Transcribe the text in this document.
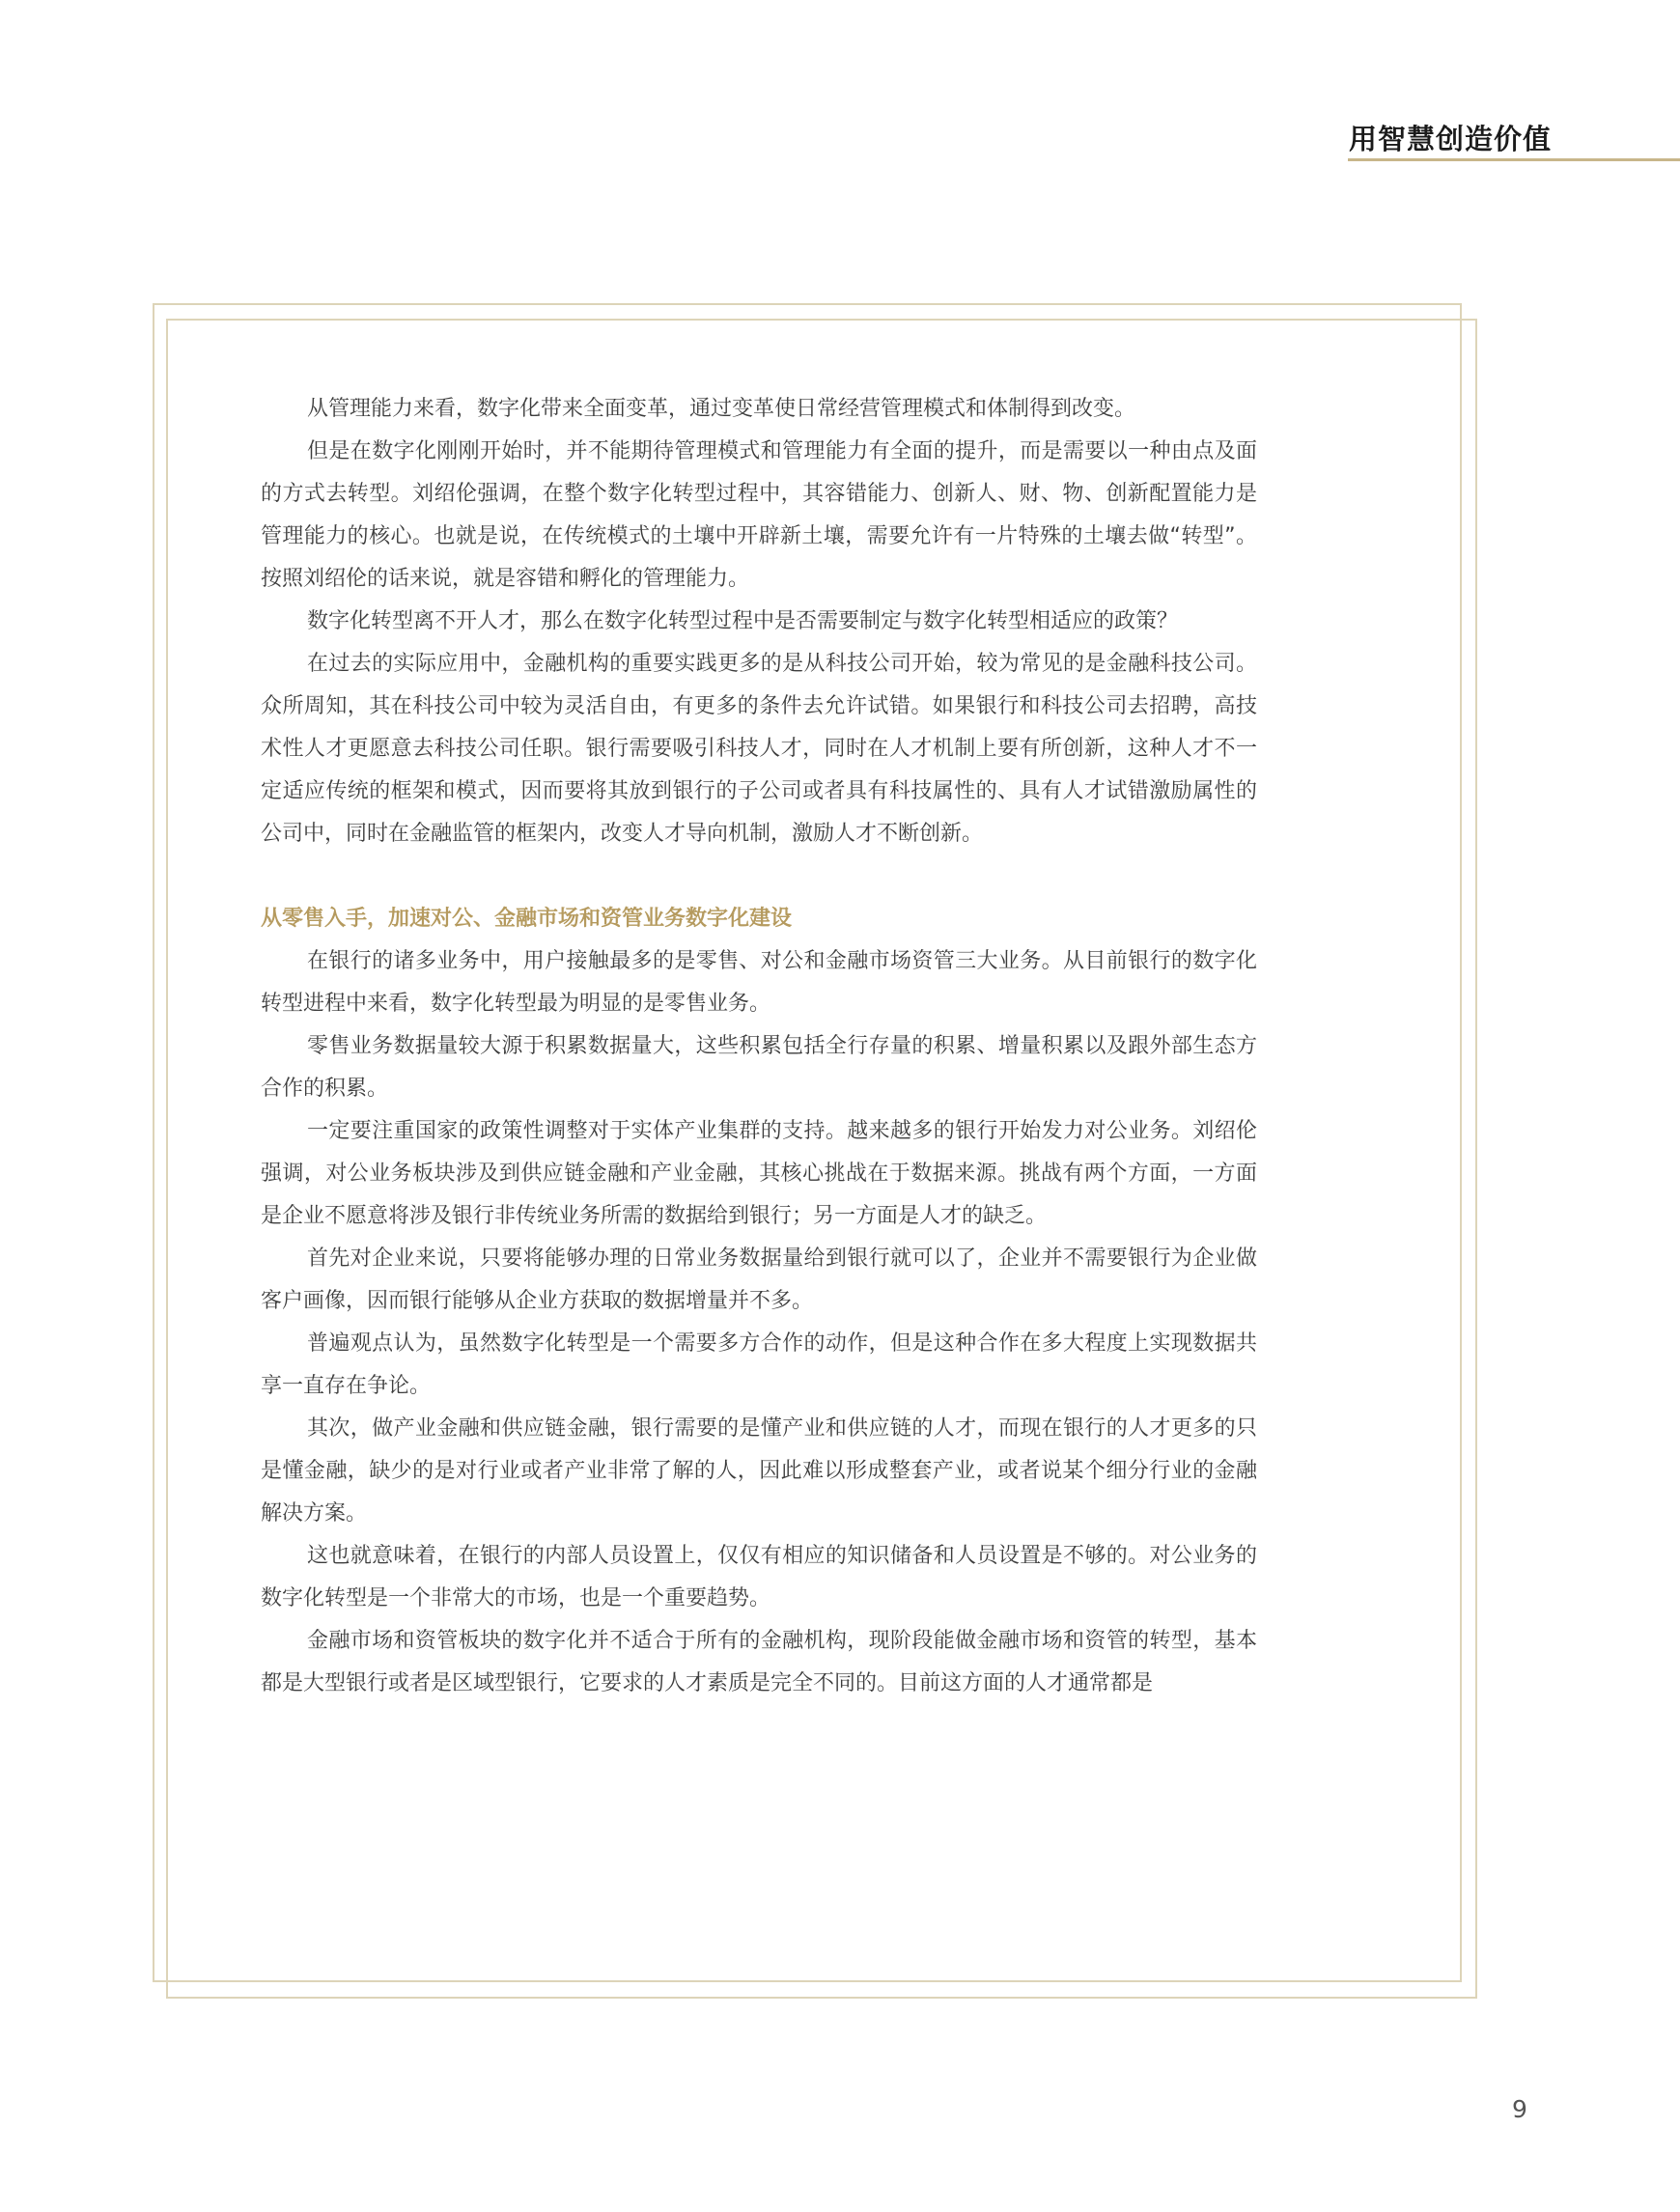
用智慧创造价值

从管理能力来看，数字化带来全面变革，通过变革使日常经营管理模式和体制得到改变。

但是在数字化刚刚开始时，并不能期待管理模式和管理能力有全面的提升，而是需要以一种由点及面的方式去转型。刘绍伦强调，在整个数字化转型过程中，其容错能力、创新人、财、物、创新配置能力是管理能力的核心。也就是说，在传统模式的土壤中开辟新土壤，需要允许有一片特殊的土壤去做“转型”。按照刘绍伦的话来说，就是容错和孵化的管理能力。

数字化转型离不开人才，那么在数字化转型过程中是否需要制定与数字化转型相适应的政策？

在过去的实际应用中，金融机构的重要实践更多的是从科技公司开始，较为常见的是金融科技公司。众所周知，其在科技公司中较为灵活自由，有更多的条件去允许试错。如果银行和科技公司去招聘，高技术性人才更愿意去科技公司任职。银行需要吸引科技人才，同时在人才机制上要有所创新，这种人才不一定适应传统的框架和模式，因而要将其放到银行的子公司或者具有科技属性的、具有人才试错激励属性的公司中，同时在金融监管的框架内，改变人才导向机制，激励人才不断创新。

从零售入手，加速对公、金融市场和资管业务数字化建设

在银行的诸多业务中，用户接触最多的是零售、对公和金融市场资管三大业务。从目前银行的数字化转型进程中来看，数字化转型最为明显的是零售业务。

零售业务数据量较大源于积累数据量大，这些积累包括全行存量的积累、增量积累以及跟外部生态方合作的积累。

一定要注重国家的政策性调整对于实体产业集群的支持。越来越多的银行开始发力对公业务。刘绍伦强调，对公业务板块涉及到供应链金融和产业金融，其核心挑战在于数据来源。挑战有两个方面，一方面是企业不愿意将涉及银行非传统业务所需的数据给到银行；另一方面是人才的缺乏。

首先对企业来说，只要将能够办理的日常业务数据量给到银行就可以了，企业并不需要银行为企业做客户画像，因而银行能够从企业方获取的数据增量并不多。

普遍观点认为，虽然数字化转型是一个需要多方合作的动作，但是这种合作在多大程度上实现数据共享一直存在争论。

其次，做产业金融和供应链金融，银行需要的是懂产业和供应链的人才，而现在银行的人才更多的只是懂金融，缺少的是对行业或者产业非常了解的人，因此难以形成整套产业，或者说某个细分行业的金融解决方案。

这也就意味着，在银行的内部人员设置上，仅仅有相应的知识储备和人员设置是不够的。对公业务的数字化转型是一个非常大的市场，也是一个重要趋势。

金融市场和资管板块的数字化并不适合于所有的金融机构，现阶段能做金融市场和资管的转型，基本都是大型银行或者是区域型银行，它要求的人才素质是完全不同的。目前这方面的人才通常都是

9
